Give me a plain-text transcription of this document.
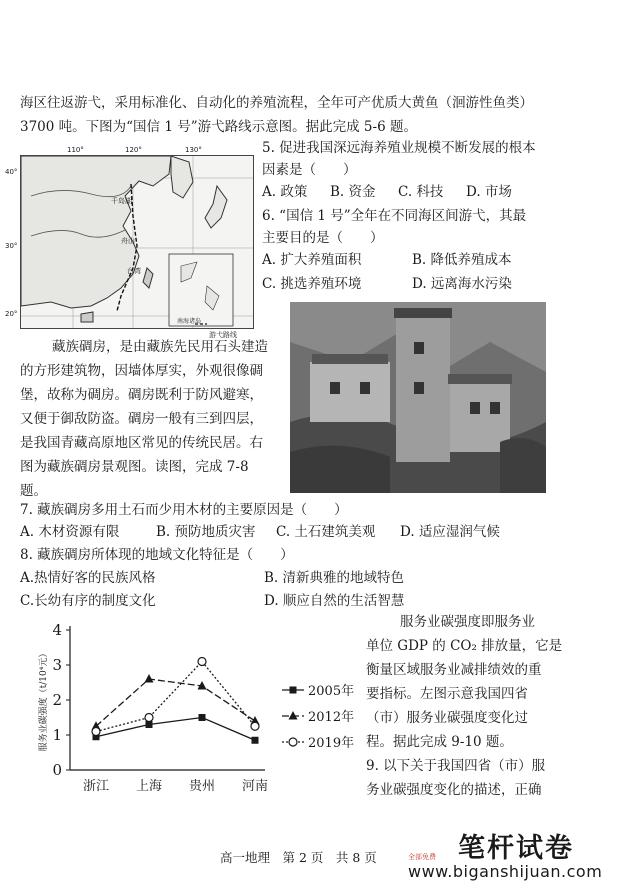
海区往返游弋，采用标准化、自动化的养殖流程，全年可产优质大黄鱼（洄游性鱼类）
3700 吨。下图为“国信 1 号”游弋路线示意图。据此完成 5-6 题。
40°
30°
20°
110°	120°	130°
千岛湖
舟山
台湾
南海诸岛
游弋路线
5. 促进我国深远海养殖业规模不断发展的根本
因素是（　　）
A. 政策 B. 资金 C. 科技 D. 市场
6. “国信 1 号”全年在不同海区间游弋，其最
主要目的是（　　）
A. 扩大养殖面积	B. 降低养殖成本
C. 挑选养殖环境	D. 远离海水污染
藏族碉房，是由藏族先民用石头建造
的方形建筑物，因墙体厚实，外观很像碉
堡，故称为碉房。碉房既利于防风避寒，
又便于御敌防盗。碉房一般有三到四层，
是我国青藏高原地区常见的传统民居。右
图为藏族碉房景观图。读图，完成 7-8
题。
7. 藏族碉房多用土石而少用木材的主要原因是（　　）
A. 木材资源有限	B. 预防地质灾害 C. 土石建筑美观 D. 适应湿润气候
8. 藏族碉房所体现的地域文化特征是（　　）
A.热情好客的民族风格	B. 清新典雅的地域特色
C.长幼有序的制度文化	D. 顺应自然的生活智慧
0
1
2
3
4
服务业碳强度（t/10⁴元）
浙江 上海 贵州 河南
2005年
2012年
2019年
服务业碳强度即服务业
单位 GDP 的 CO₂ 排放量，它是
衡量区域服务业减排绩效的重
要指标。左图示意我国四省
（市）服务业碳强度变化过
程。据此完成 9-10 题。
9. 以下关于我国四省（市）服
务业碳强度变化的描述，正确
高一地理　第 2 页　共 8 页	笔杆试卷
全部免费
www.biganshijuan.com
